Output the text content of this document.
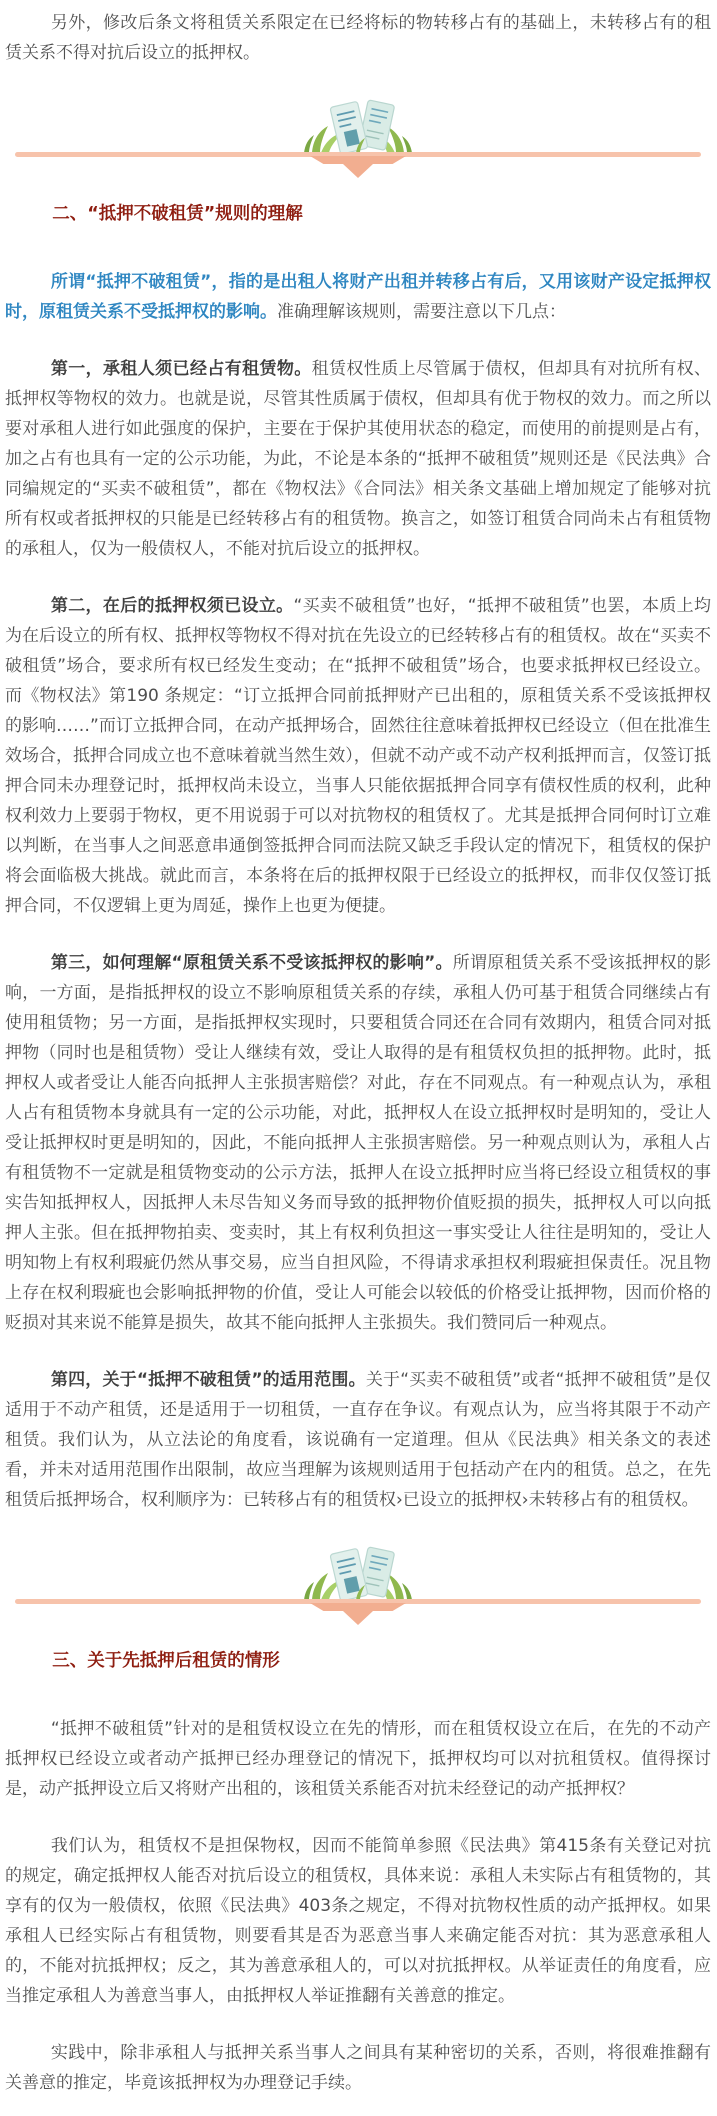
另外，修改后条文将租赁关系限定在已经将标的物转移占有的基础上，未转移占有的租赁关系不得对抗后设立的抵押权。

二、“抵押不破租赁”规则的理解

所谓“抵押不破租赁”，指的是出租人将财产出租并转移占有后，又用该财产设定抵押权时，原租赁关系不受抵押权的影响。准确理解该规则，需要注意以下几点：

第一，承租人须已经占有租赁物。租赁权性质上尽管属于债权，但却具有对抗所有权、抵押权等物权的效力。也就是说，尽管其性质属于债权，但却具有优于物权的效力。而之所以要对承租人进行如此强度的保护，主要在于保护其使用状态的稳定，而使用的前提则是占有，加之占有也具有一定的公示功能，为此，不论是本条的“抵押不破租赁”规则还是《民法典》合同编规定的“买卖不破租赁”，都在《物权法》《合同法》相关条文基础上增加规定了能够对抗所有权或者抵押权的只能是已经转移占有的租赁物。换言之，如签订租赁合同尚未占有租赁物的承租人，仅为一般债权人，不能对抗后设立的抵押权。

第二，在后的抵押权须已设立。“买卖不破租赁”也好，“抵押不破租赁”也罢，本质上均为在后设立的所有权、抵押权等物权不得对抗在先设立的已经转移占有的租赁权。故在“买卖不破租赁”场合，要求所有权已经发生变动；在“抵押不破租赁”场合，也要求抵押权已经设立。而《物权法》第190 条规定：“订立抵押合同前抵押财产已出租的，原租赁关系不受该抵押权的影响……”而订立抵押合同，在动产抵押场合，固然往往意味着抵押权已经设立（但在批准生效场合，抵押合同成立也不意味着就当然生效），但就不动产或不动产权利抵押而言，仅签订抵押合同未办理登记时，抵押权尚未设立，当事人只能依据抵押合同享有债权性质的权利，此种权利效力上要弱于物权，更不用说弱于可以对抗物权的租赁权了。尤其是抵押合同何时订立难以判断，在当事人之间恶意串通倒签抵押合同而法院又缺乏手段认定的情况下，租赁权的保护将会面临极大挑战。就此而言，本条将在后的抵押权限于已经设立的抵押权，而非仅仅签订抵押合同，不仅逻辑上更为周延，操作上也更为便捷。

第三，如何理解“原租赁关系不受该抵押权的影响”。所谓原租赁关系不受该抵押权的影响，一方面，是指抵押权的设立不影响原租赁关系的存续，承租人仍可基于租赁合同继续占有使用租赁物；另一方面，是指抵押权实现时，只要租赁合同还在合同有效期内，租赁合同对抵押物（同时也是租赁物）受让人继续有效，受让人取得的是有租赁权负担的抵押物。此时，抵押权人或者受让人能否向抵押人主张损害赔偿？对此，存在不同观点。有一种观点认为，承租人占有租赁物本身就具有一定的公示功能，对此，抵押权人在设立抵押权时是明知的，受让人受让抵押权时更是明知的，因此，不能向抵押人主张损害赔偿。另一种观点则认为，承租人占有租赁物不一定就是租赁物变动的公示方法，抵押人在设立抵押时应当将已经设立租赁权的事实告知抵押权人，因抵押人未尽告知义务而导致的抵押物价值贬损的损失，抵押权人可以向抵押人主张。但在抵押物拍卖、变卖时，其上有权利负担这一事实受让人往往是明知的，受让人明知物上有权利瑕疵仍然从事交易，应当自担风险，不得请求承担权利瑕疵担保责任。况且物上存在权利瑕疵也会影响抵押物的价值，受让人可能会以较低的价格受让抵押物，因而价格的贬损对其来说不能算是损失，故其不能向抵押人主张损失。我们赞同后一种观点。

第四，关于“抵押不破租赁”的适用范围。关于“买卖不破租赁”或者“抵押不破租赁”是仅适用于不动产租赁，还是适用于一切租赁，一直存在争议。有观点认为，应当将其限于不动产租赁。我们认为，从立法论的角度看，该说确有一定道理。但从《民法典》相关条文的表述看，并未对适用范围作出限制，故应当理解为该规则适用于包括动产在内的租赁。总之，在先租赁后抵押场合，权利顺序为：已转移占有的租赁权›已设立的抵押权›未转移占有的租赁权。

三、关于先抵押后租赁的情形

“抵押不破租赁”针对的是租赁权设立在先的情形，而在租赁权设立在后，在先的不动产抵押权已经设立或者动产抵押已经办理登记的情况下，抵押权均可以对抗租赁权。值得探讨是，动产抵押设立后又将财产出租的，该租赁关系能否对抗未经登记的动产抵押权？

我们认为，租赁权不是担保物权，因而不能简单参照《民法典》第415条有关登记对抗的规定，确定抵押权人能否对抗后设立的租赁权，具体来说：承租人未实际占有租赁物的，其享有的仅为一般债权，依照《民法典》403条之规定，不得对抗物权性质的动产抵押权。如果承租人已经实际占有租赁物，则要看其是否为恶意当事人来确定能否对抗：其为恶意承租人的，不能对抗抵押权；反之，其为善意承租人的，可以对抗抵押权。从举证责任的角度看，应当推定承租人为善意当事人，由抵押权人举证推翻有关善意的推定。

实践中，除非承租人与抵押关系当事人之间具有某种密切的关系，否则，将很难推翻有关善意的推定，毕竟该抵押权为办理登记手续。
